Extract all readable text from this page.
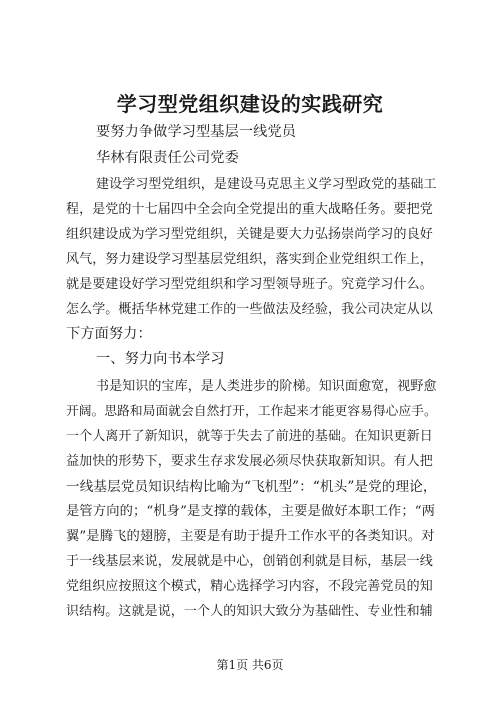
学习型党组织建设的实践研究
要努力争做学习型基层一线党员
华林有限责任公司党委
建设学习型党组织，是建设马克思主义学习型政党的基础工
程，是党的十七届四中全会向全党提出的重大战略任务。要把党
组织建设成为学习型党组织，关键是要大力弘扬崇尚学习的良好
风气，努力建设学习型基层党组织，落实到企业党组织工作上，
就是要建设好学习型党组织和学习型领导班子。究竟学习什么。
怎么学。概括华林党建工作的一些做法及经验，我公司决定从以
下方面努力：
一、努力向书本学习
书是知识的宝库，是人类进步的阶梯。知识面愈宽，视野愈
开阔。思路和局面就会自然打开，工作起来才能更容易得心应手。
一个人离开了新知识，就等于失去了前进的基础。在知识更新日
益加快的形势下，要求生存求发展必须尽快获取新知识。有人把
一线基层党员知识结构比喻为“飞机型”：“机头”是党的理论，
是管方向的；“机身”是支撑的载体，主要是做好本职工作；“两
翼”是腾飞的翅膀，主要是有助于提升工作水平的各类知识。对
于一线基层来说，发展就是中心，创销创利就是目标，基层一线
党组织应按照这个模式，精心选择学习内容，不段完善党员的知
识结构。这就是说，一个人的知识大致分为基础性、专业性和辅
第1页 共6页
